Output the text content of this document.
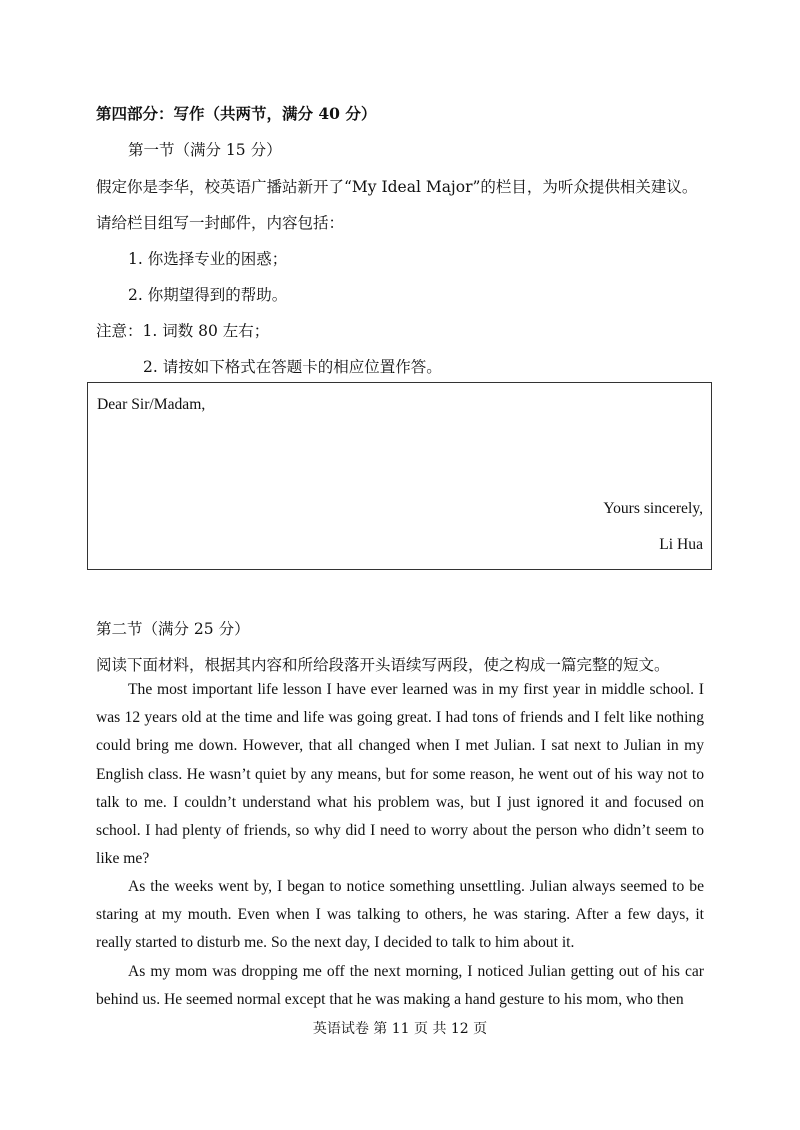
第四部分：写作（共两节，满分 40 分）
第一节（满分 15 分）
假定你是李华，校英语广播站新开了“My Ideal Major”的栏目，为听众提供相关建议。
请给栏目组写一封邮件，内容包括：
1. 你选择专业的困惑；
2. 你期望得到的帮助。
注意：1. 词数 80 左右；
2. 请按如下格式在答题卡的相应位置作答。
Dear Sir/Madam,
Yours sincerely,
Li Hua
第二节（满分 25 分）
阅读下面材料，根据其内容和所给段落开头语续写两段，使之构成一篇完整的短文。

The most important life lesson I have ever learned was in my first year in middle school. I was 12 years old at the time and life was going great. I had tons of friends and I felt like nothing could bring me down. However, that all changed when I met Julian. I sat next to Julian in my English class. He wasn’t quiet by any means, but for some reason, he went out of his way not to talk to me. I couldn’t understand what his problem was, but I just ignored it and focused on school. I had plenty of friends, so why did I need to worry about the person who didn’t seem to like me?

As the weeks went by, I began to notice something unsettling. Julian always seemed to be staring at my mouth. Even when I was talking to others, he was staring. After a few days, it really started to disturb me. So the next day, I decided to talk to him about it.

As my mom was dropping me off the next morning, I noticed Julian getting out of his car behind us. He seemed normal except that he was making a hand gesture to his mom, who then

英语试卷 第 11 页 共 12 页
